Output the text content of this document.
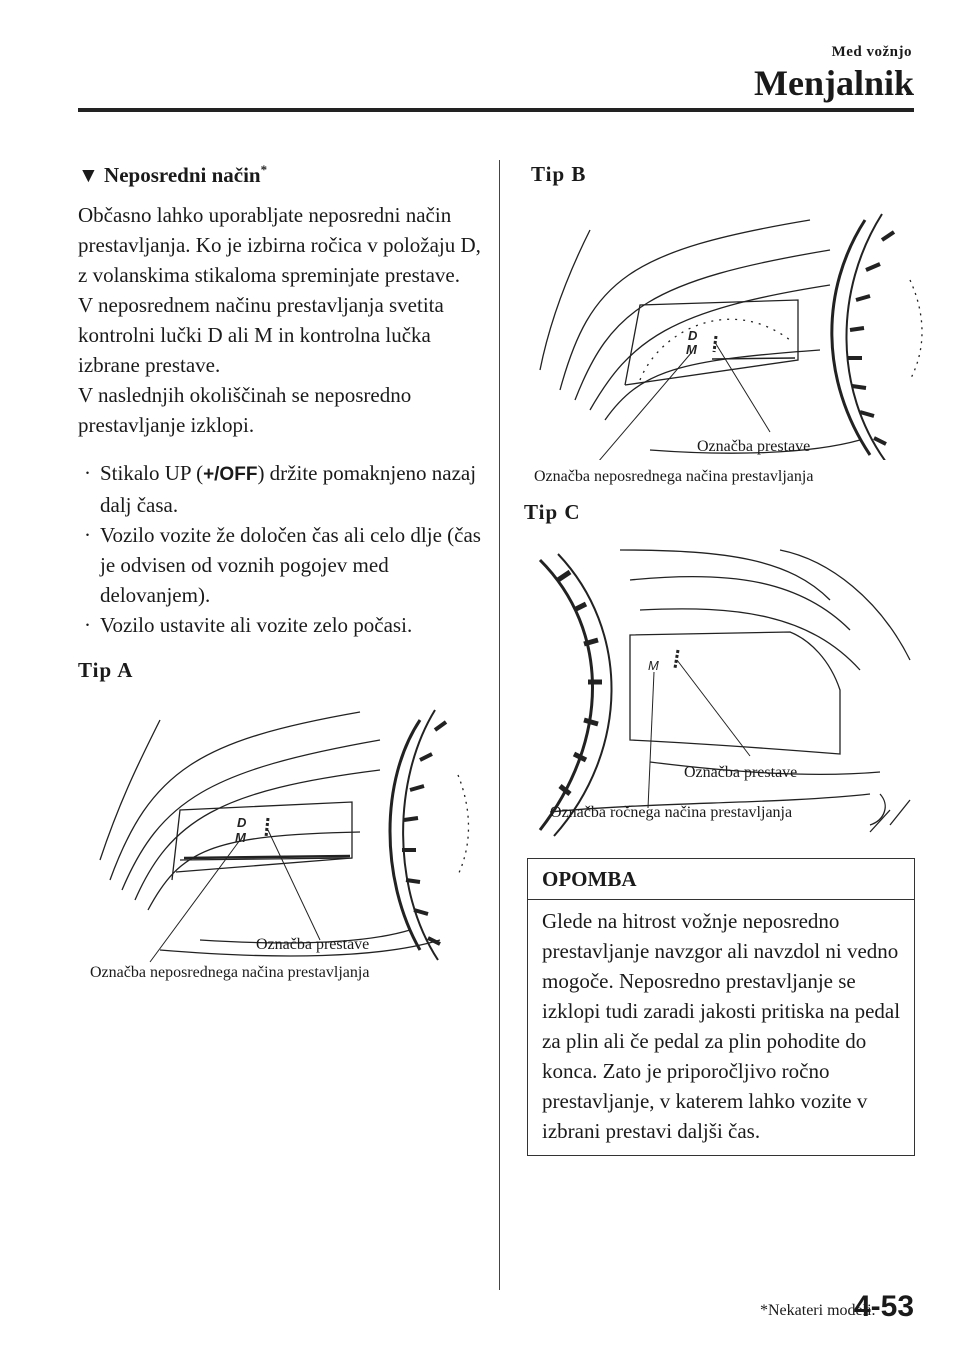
Med vožnjo
Menjalnik
▼ Neposredni način*

Občasno lahko uporabljate neposredni način prestavljanja. Ko je izbirna ročica v položaju D, z volanskima stikaloma spreminjate prestave.

V neposrednem načinu prestavljanja svetita kontrolni lučki D ali M in kontrolna lučka izbrane prestave.

V naslednjih okoliščinah se neposredno prestavljanje izklopi.

· Stikalo UP (+/OFF) držite pomaknjeno nazaj dalj časa.
· Vozilo vozite že določen čas ali celo dlje (čas je odvisen od voznih pogojev med delovanjem).
· Vozilo ustavite ali vozite zelo počasi.
Tip A
D
M
Označba prestave
Označba neposrednega načina prestavljanja
Tip B
D
M
Označba prestave
Označba neposrednega načina prestavljanja
Tip C
M
Označba prestave
Označba ročnega načina prestavljanja
OPOMBA
Glede na hitrost vožnje neposredno prestavljanje navzgor ali navzdol ni vedno mogoče. Neposredno prestavljanje se izklopi tudi zaradi jakosti pritiska na pedal za plin ali če pedal za plin pohodite do konca. Zato je priporočljivo ročno prestavljanje, v katerem lahko vozite v izbrani prestavi daljši čas.
*Nekateri modeli.
4-53
